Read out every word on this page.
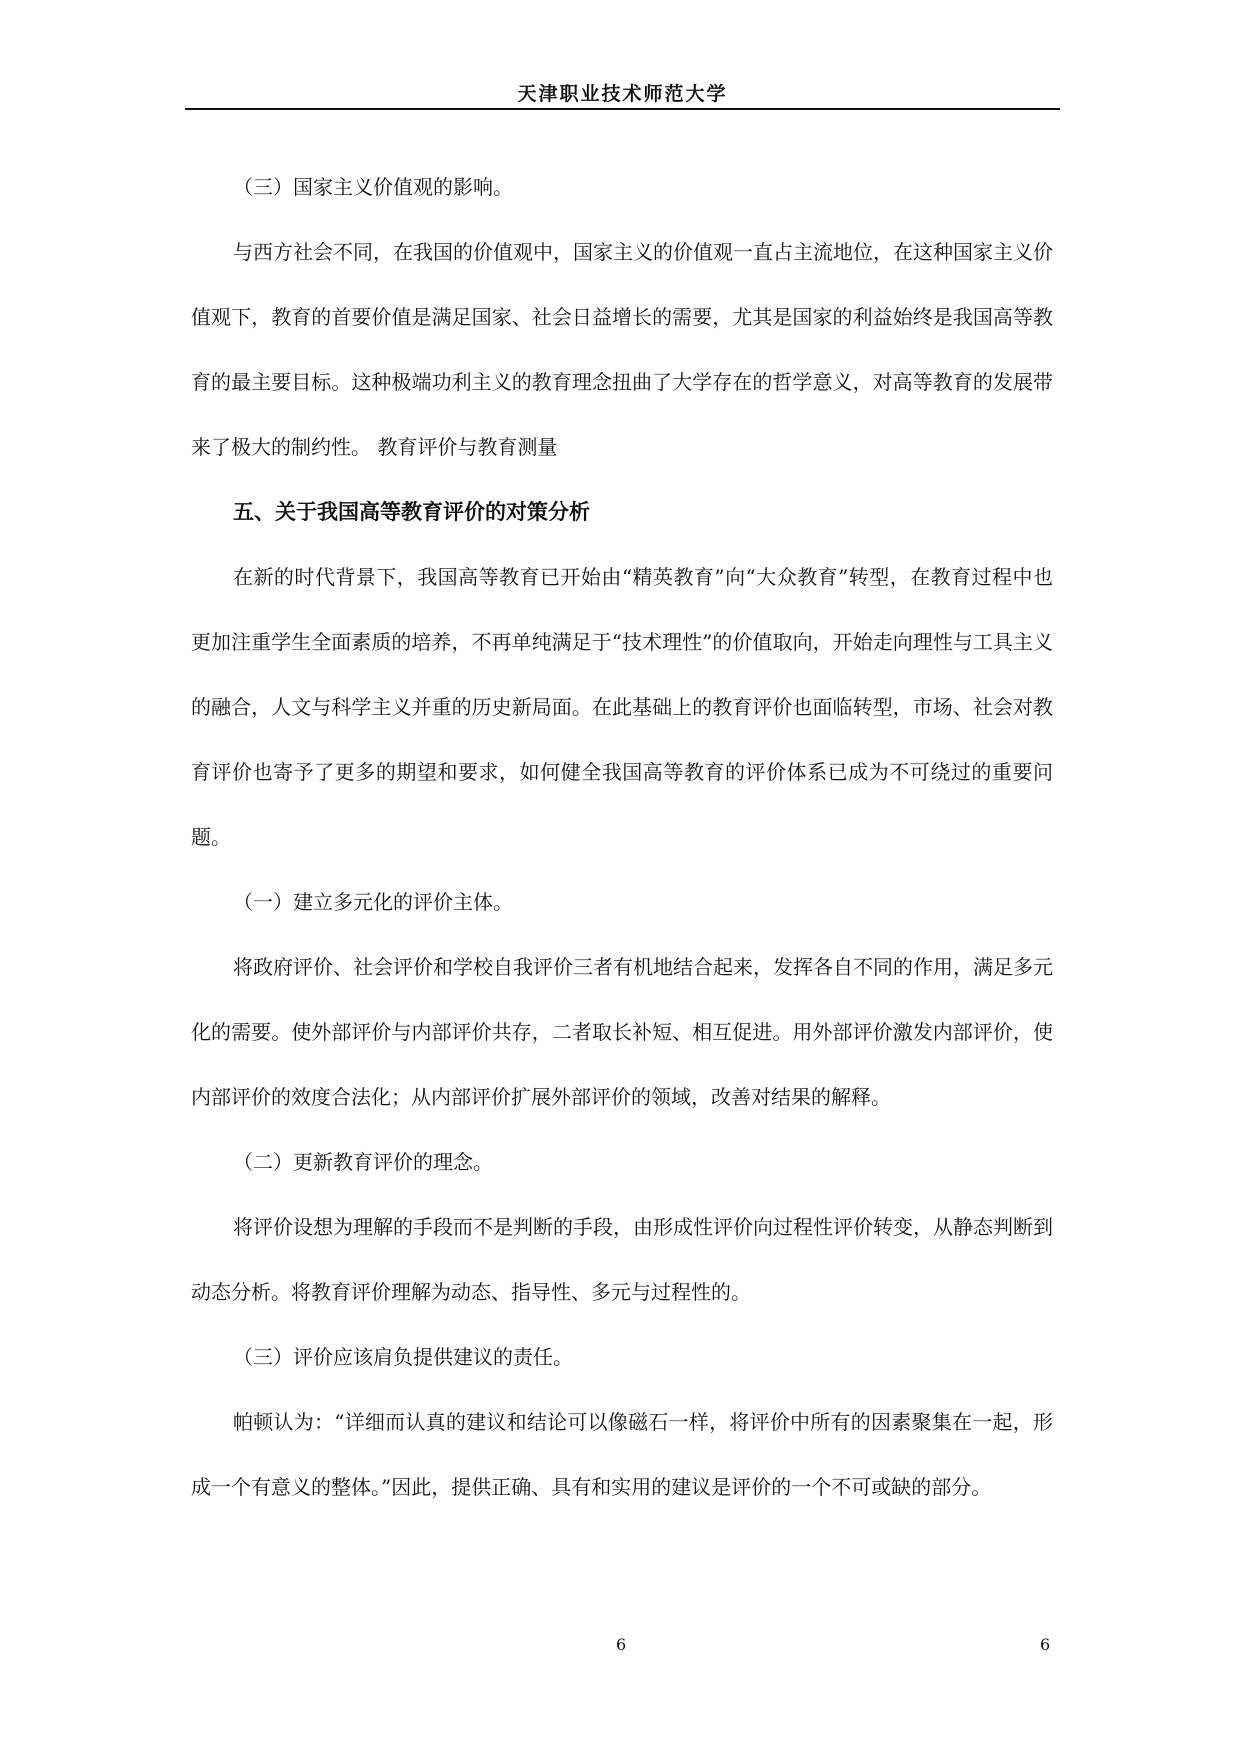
天津职业技术师范大学

（三）国家主义价值观的影响。

与西方社会不同，在我国的价值观中，国家主义的价值观一直占主流地位，在这种国家主义价值观下，教育的首要价值是满足国家、社会日益增长的需要，尤其是国家的利益始终是我国高等教育的最主要目标。这种极端功利主义的教育理念扭曲了大学存在的哲学意义，对高等教育的发展带来了极大的制约性。 教育评价与教育测量

五、关于我国高等教育评价的对策分析

在新的时代背景下，我国高等教育已开始由“精英教育”向“大众教育”转型，在教育过程中也更加注重学生全面素质的培养，不再单纯满足于“技术理性”的价值取向，开始走向理性与工具主义的融合，人文与科学主义并重的历史新局面。在此基础上的教育评价也面临转型，市场、社会对教育评价也寄予了更多的期望和要求，如何健全我国高等教育的评价体系已成为不可绕过的重要问题。

（一）建立多元化的评价主体。

将政府评价、社会评价和学校自我评价三者有机地结合起来，发挥各自不同的作用，满足多元化的需要。使外部评价与内部评价共存，二者取长补短、相互促进。用外部评价激发内部评价，使内部评价的效度合法化；从内部评价扩展外部评价的领域，改善对结果的解释。

（二）更新教育评价的理念。

将评价设想为理解的手段而不是判断的手段，由形成性评价向过程性评价转变，从静态判断到动态分析。将教育评价理解为动态、指导性、多元与过程性的。

（三）评价应该肩负提供建议的责任。

帕顿认为：“详细而认真的建议和结论可以像磁石一样，将评价中所有的因素聚集在一起，形成一个有意义的整体。”因此，提供正确、具有和实用的建议是评价的一个不可或缺的部分。

6	6
